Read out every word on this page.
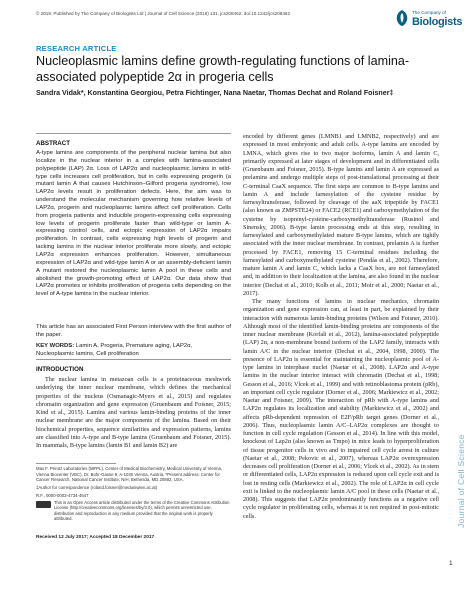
© 2018. Published by The Company of Biologists Ltd | Journal of Cell Science (2018) 131, jcs208462. doi:10.1242/jcs208462	The Company of
Biologists
RESEARCH ARTICLE
Nucleoplasmic lamins define growth-regulating functions of lamina-associated polypeptide 2α in progeria cells
Sandra Vidak*, Konstantina Georgiou, Petra Fichtinger, Nana Naetar, Thomas Dechat and Roland Foisner‡
ABSTRACT

A-type lamins are components of the peripheral nuclear lamina but also localize in the nuclear interior in a complex with lamina-associated polypeptide (LAP) 2α. Loss of LAP2α and nucleoplasmic lamins in wild-type cells increases cell proliferation, but in cells expressing progerin (a mutant lamin A that causes Hutchinson–Gilford progeria syndrome), low LAP2α levels result in proliferation defects. Here, the aim was to understand the molecular mechanism governing how relative levels of LAP2α, progerin and nucleoplasmic lamins affect cell proliferation. Cells from progeria patients and inducible progerin-expressing cells expressing low levels of progerin proliferate faster than wild-type or lamin A-expressing control cells, and ectopic expression of LAP2α impairs proliferation. In contrast, cells expressing high levels of progerin and lacking lamins in the nuclear interior proliferate more slowly, and ectopic LAP2α expression enhances proliferation. However, simultaneous expression of LAP2α and wild-type lamin A or an assembly-deficient lamin A mutant restored the nucleoplasmic lamin A pool in these cells and abolished the growth-promoting effect of LAP2α. Our data show that LAP2α promotes or inhibits proliferation of progeria cells depending on the level of A-type lamins in the nuclear interior.

This article has an associated First Person interview with the first author of the paper.

KEY WORDS: Lamin A, Progeria, Premature aging, LAP2α, Nucleoplasmic lamins, Cell proliferation
INTRODUCTION

The nuclear lamina in metazoan cells is a proteinaceous meshwork underlying the inner nuclear membrane, which defines the mechanical properties of the nucleus (Osmanagic-Myers et al., 2015) and regulates chromatin organization and gene expression (Gruenbaum and Foisner, 2015; Kind et al., 2015). Lamins and various lamin-binding proteins of the inner nuclear membrane are the major components of the lamina. Based on their biochemical properties, sequence similarities and expression patterns, lamins are classified into A-type and B-type lamins (Gruenbaum and Foisner, 2015). In mammals, B-type lamins (lamin B1 and lamin B2) are

Max F. Perutz Laboratories (MFPL), Center of Medical Biochemistry, Medical University of Vienna, Vienna Biocenter (VBC), Dr. Bohr-Gasse 9, A-1030 Vienna, Austria. *Present address: Center for Cancer Research, National Cancer Institute, NIH, Bethesda, MD 20892, USA.

‡Author for correspondence (roland.foisner@meduniwien.ac.at)

R.F., 0000-0003-4734-4647

This is an Open Access article distributed under the terms of the Creative Commons Attribution License (http://creativecommons.org/licenses/by/3.0), which permits unrestricted use, distribution and reproduction in any medium provided that the original work is properly attributed.
Received 12 July 2017; Accepted 18 December 2017

encoded by different genes (LMNB1 and LMNB2, respectively) and are expressed in most embryonic and adult cells. A-type lamins are encoded by LMNA, which gives rise to two major isoforms, lamin A and lamin C, primarily expressed at later stages of development and in differentiated cells (Gruenbaum and Foisner, 2015). B-type lamins and lamin A are expressed as prelamins and undergo multiple steps of post-translational processing at their C-terminal CaaX sequence. The first steps are common to B-type lamins and lamin A and include farnesylation of the cysteine residue by farnesyltransferase, followed by cleavage of the aaX tripeptide by FACE1 (also known as ZMPSTE24) or FACE2 (RCE1) and carboxymethylation of the cysteine by isoprenyl-cysteine-carboxymethyltransferase (Rusinol and Sinensky, 2006). B-type lamin processing ends at this step, resulting in farnesylated and carboxymethylated mature B-type lamins, which are tightly associated with the inner nuclear membrane. In contrast, prelamin A is further processed by FACE1, removing 15 C-terminal residues including the farnesylated and carboxymethylated cysteine (Pendás et al., 2002). Therefore, mature lamin A and lamin C, which lacks a CaaX box, are not farnesylated and, in addition to their localization at the lamina, are also found in the nuclear interior (Dechat et al., 2010; Kolb et al., 2011; Moir et al., 2000; Naetar et al., 2017).

The many functions of lamins in nuclear mechanics, chromatin organization and gene expression can, at least in part, be explained by their interaction with numerous lamin-binding proteins (Wilson and Foisner, 2010). Although most of the identified lamin-binding proteins are components of the inner nuclear membrane (Korfali et al., 2012), lamina-associated polypeptide (LAP) 2α, a non-membrane bound isoform of the LAP2 family, interacts with lamin A/C in the nuclear interior (Dechat et al., 2004, 1998, 2000). The presence of LAP2α is essential for maintaining the nucleoplasmic pool of A-type lamins in interphase nuclei (Naetar et al., 2008). LAP2α and A-type lamins in the nuclear interior interact with chromatin (Dechat et al., 1998; Gesson et al., 2016; Vlcek et al., 1999) and with retinoblastoma protein (pRb), an important cell cycle regulator (Dorner et al., 2006; Markiewicz et al., 2002; Naetar and Foisner, 2009). The interaction of pRb with A-type lamins and LAP2α regulates its localization and stability (Markiewicz et al., 2002) and affects pRb-dependent repression of E2F/pRb target genes (Dorner et al., 2006). Thus, nucleoplasmic lamin A/C–LAP2α complexes are thought to function in cell cycle regulation (Gesson et al., 2014). In line with this model, knockout of Lap2α (also known as Tmpo) in mice leads to hyperproliferation of tissue progenitor cells in vivo and to impaired cell cycle arrest in culture (Naetar et al., 2008; Pekovic et al., 2007), whereas LAP2α overexpression decreases cell proliferation (Dorner et al., 2006; Vlcek et al., 2002). As in stem or differentiated cells, LAP2α expression is reduced upon cell cycle exit and is lost in resting cells (Markiewicz et al., 2002). The role of LAP2α in cell cycle exit is linked to the nucleoplasmic lamin A/C pool in these cells (Naetar et al., 2008). This suggests that LAP2α predominantly functions as a negative cell cycle regulator in proliferating cells, whereas it is not required in post-mitotic cells.	Journal of Cell Science
1
